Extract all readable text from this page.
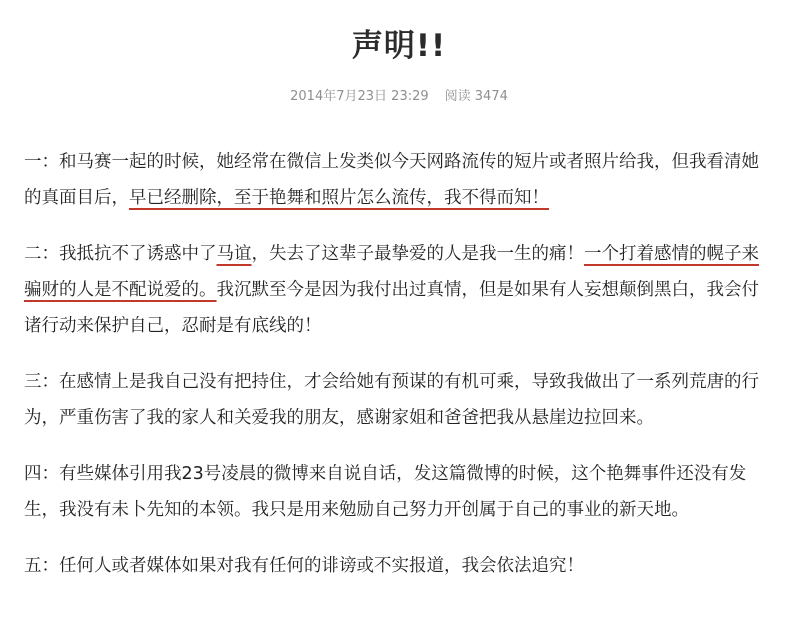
声明!!
2014年7月23日 23:29 阅读 3474

一：和马赛一起的时候，她经常在微信上发类似今天网路流传的短片或者照片给我，但我看清她的真面目后，早已经删除，至于艳舞和照片怎么流传，我不得而知！

二：我抵抗不了诱惑中了马谊，失去了这辈子最挚爱的人是我一生的痛！一个打着感情的幌子来骗财的人是不配说爱的。我沉默至今是因为我付出过真情，但是如果有人妄想颠倒黑白，我会付诸行动来保护自己，忍耐是有底线的！

三：在感情上是我自己没有把持住，才会给她有预谋的有机可乘，导致我做出了一系列荒唐的行为，严重伤害了我的家人和关爱我的朋友，感谢家姐和爸爸把我从悬崖边拉回来。

四：有些媒体引用我23号凌晨的微博来自说自话，发这篇微博的时候，这个艳舞事件还没有发生，我没有未卜先知的本领。我只是用来勉励自己努力开创属于自己的事业的新天地。

五：任何人或者媒体如果对我有任何的诽谤或不实报道，我会依法追究！
